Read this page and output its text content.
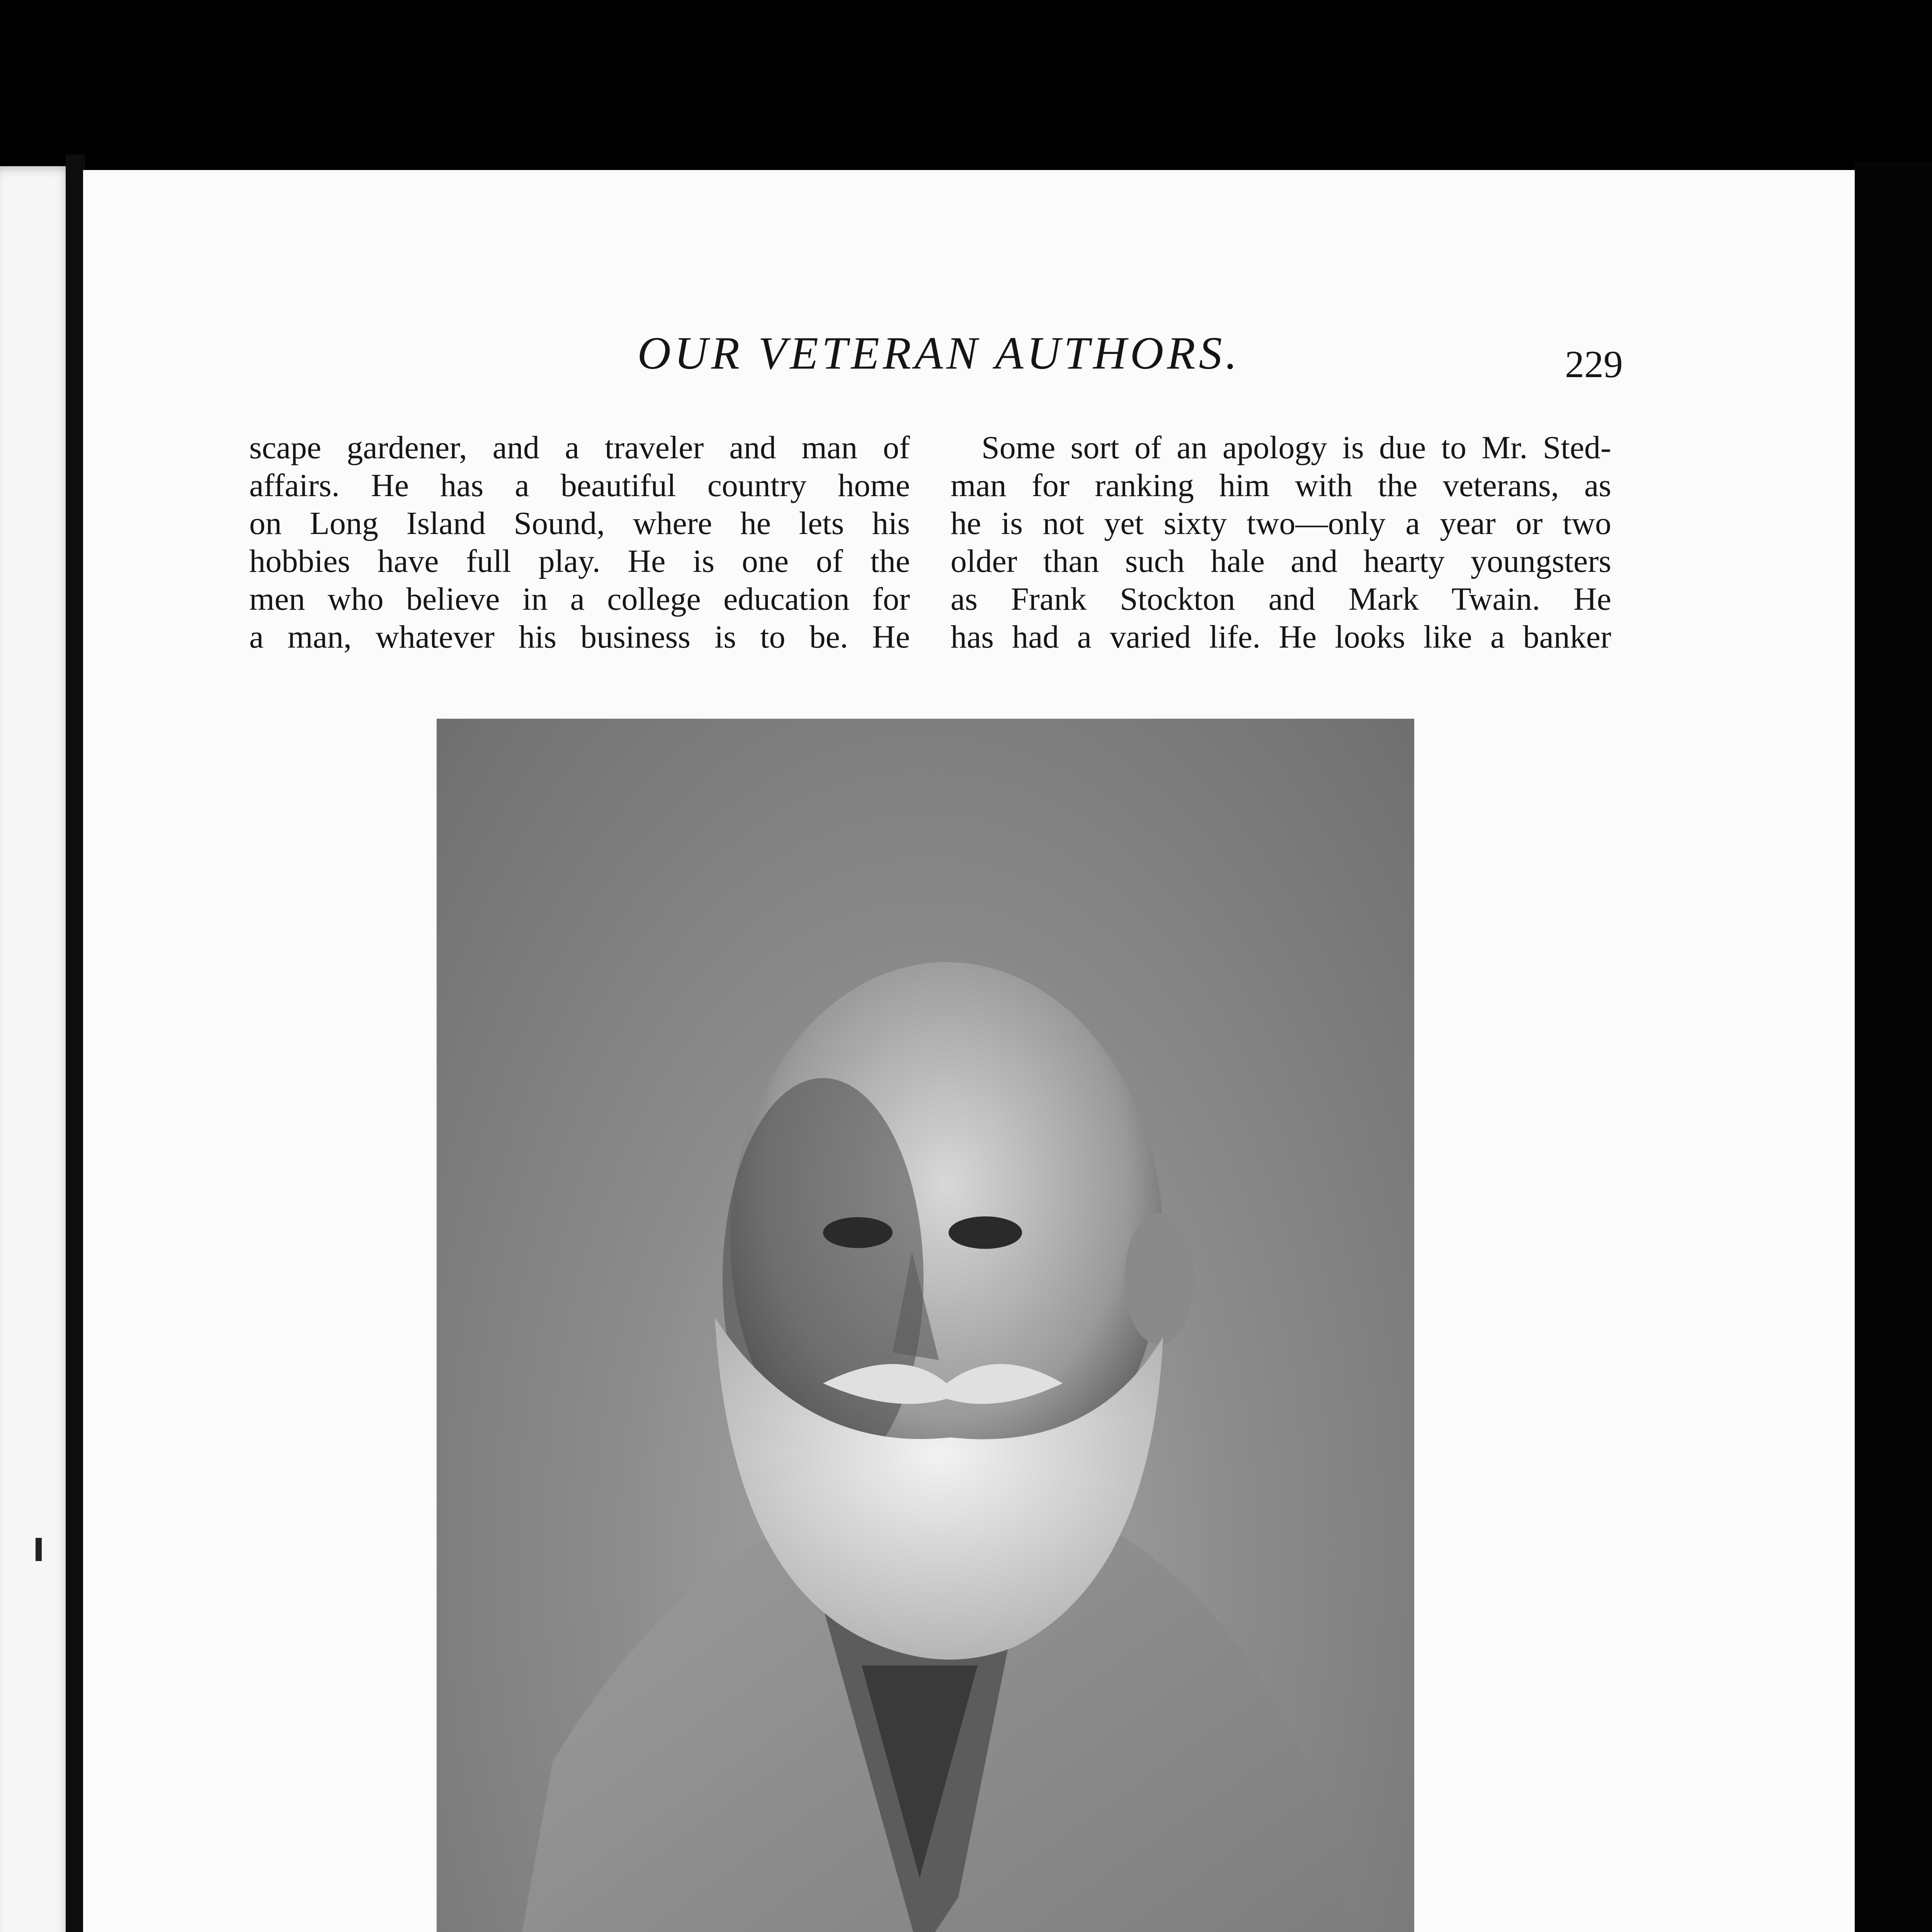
OUR VETERAN AUTHORS.	229
scape gardener, and a traveler and man of
affairs. He has a beautiful country home
on Long Island Sound, where he lets his
hobbies have full play. He is one of the
men who believe in a college education for
a man, whatever his business is to be. He
Some sort of an apology is due to Mr. Sted-
man for ranking him with the veterans, as
he is not yet sixty two—only a year or two
older than such hale and hearty youngsters
as Frank Stockton and Mark Twain. He
has had a varied life. He looks like a banker
